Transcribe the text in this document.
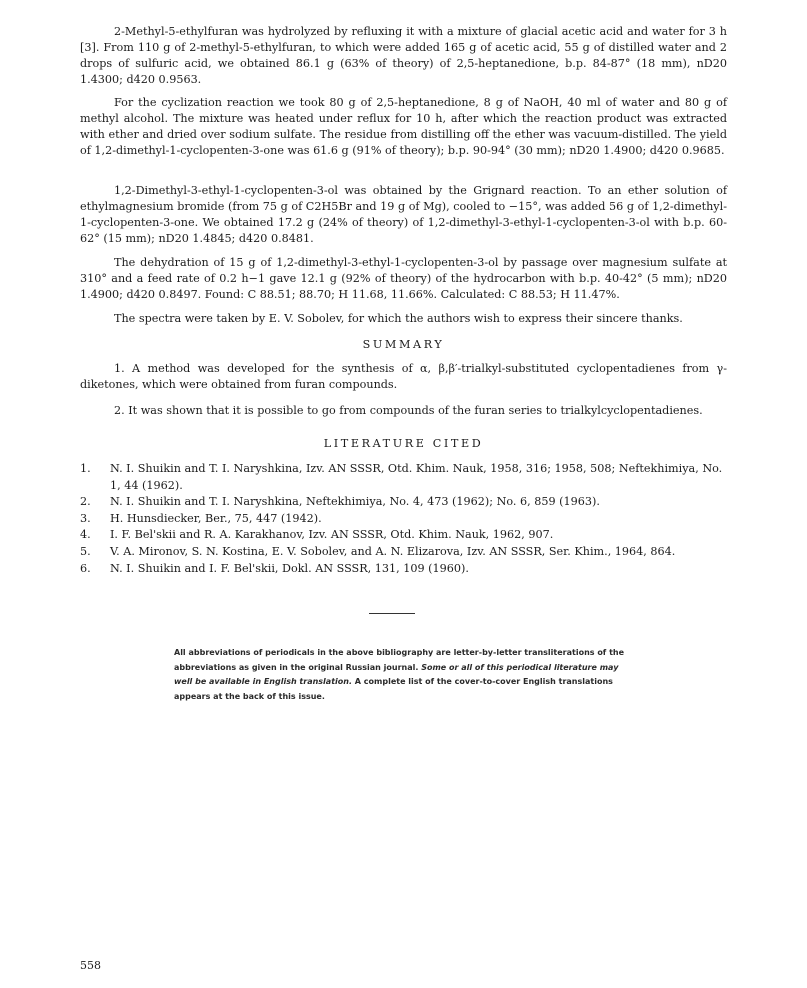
2-Methyl-5-ethylfuran was hydrolyzed by refluxing it with a mixture of glacial acetic acid and water for 3 h [3]. From 110 g of 2-methyl-5-ethylfuran, to which were added 165 g of acetic acid, 55 g of distilled water and 2 drops of sulfuric acid, we obtained 86.1 g (63% of theory) of 2,5-heptanedione, b.p. 84-87° (18 mm), nD20 1.4300; d420 0.9563.

For the cyclization reaction we took 80 g of 2,5-heptanedione, 8 g of NaOH, 40 ml of water and 80 g of methyl alcohol. The mixture was heated under reflux for 10 h, after which the reaction product was extracted with ether and dried over sodium sulfate. The residue from distilling off the ether was vacuum-distilled. The yield of 1,2-dimethyl-1-cyclopenten-3-one was 61.6 g (91% of theory); b.p. 90-94° (30 mm); nD20 1.4900; d420 0.9685.

1,2-Dimethyl-3-ethyl-1-cyclopenten-3-ol was obtained by the Grignard reaction. To an ether solution of ethylmagnesium bromide (from 75 g of C2H5Br and 19 g of Mg), cooled to −15°, was added 56 g of 1,2-dimethyl-1-cyclopenten-3-one. We obtained 17.2 g (24% of theory) of 1,2-dimethyl-3-ethyl-1-cyclopenten-3-ol with b.p. 60-62° (15 mm); nD20 1.4845; d420 0.8481.

The dehydration of 15 g of 1,2-dimethyl-3-ethyl-1-cyclopenten-3-ol by passage over magnesium sulfate at 310° and a feed rate of 0.2 h−1 gave 12.1 g (92% of theory) of the hydrocarbon with b.p. 40-42° (5 mm); nD20 1.4900; d420 0.8497. Found: C 88.51; 88.70; H 11.68, 11.66%. Calculated: C 88.53; H 11.47%.

The spectra were taken by E. V. Sobolev, for which the authors wish to express their sincere thanks.

SUMMARY

1. A method was developed for the synthesis of α, β,β′-trialkyl-substituted cyclopentadienes from γ-diketones, which were obtained from furan compounds.

2. It was shown that it is possible to go from compounds of the furan series to trialkylcyclopentadienes.

LITERATURE CITED

1.	N. I. Shuikin and T. I. Naryshkina, Izv. AN SSSR, Otd. Khim. Nauk, 1958, 316; 1958, 508; Neftekhimiya, No. 1, 44 (1962).
2.	N. I. Shuikin and T. I. Naryshkina, Neftekhimiya, No. 4, 473 (1962); No. 6, 859 (1963).
3.	H. Hunsdiecker, Ber., 75, 447 (1942).
4.	I. F. Bel'skii and R. A. Karakhanov, Izv. AN SSSR, Otd. Khim. Nauk, 1962, 907.
5.	V. A. Mironov, S. N. Kostina, E. V. Sobolev, and A. N. Elizarova, Izv. AN SSSR, Ser. Khim., 1964, 864.
6.	N. I. Shuikin and I. F. Bel'skii, Dokl. AN SSSR, 131, 109 (1960).

All abbreviations of periodicals in the above bibliography are letter-by-letter transliterations of the abbreviations as given in the original Russian journal. Some or all of this periodical literature may well be available in English translation. A complete list of the cover-to-cover English translations appears at the back of this issue.

558
